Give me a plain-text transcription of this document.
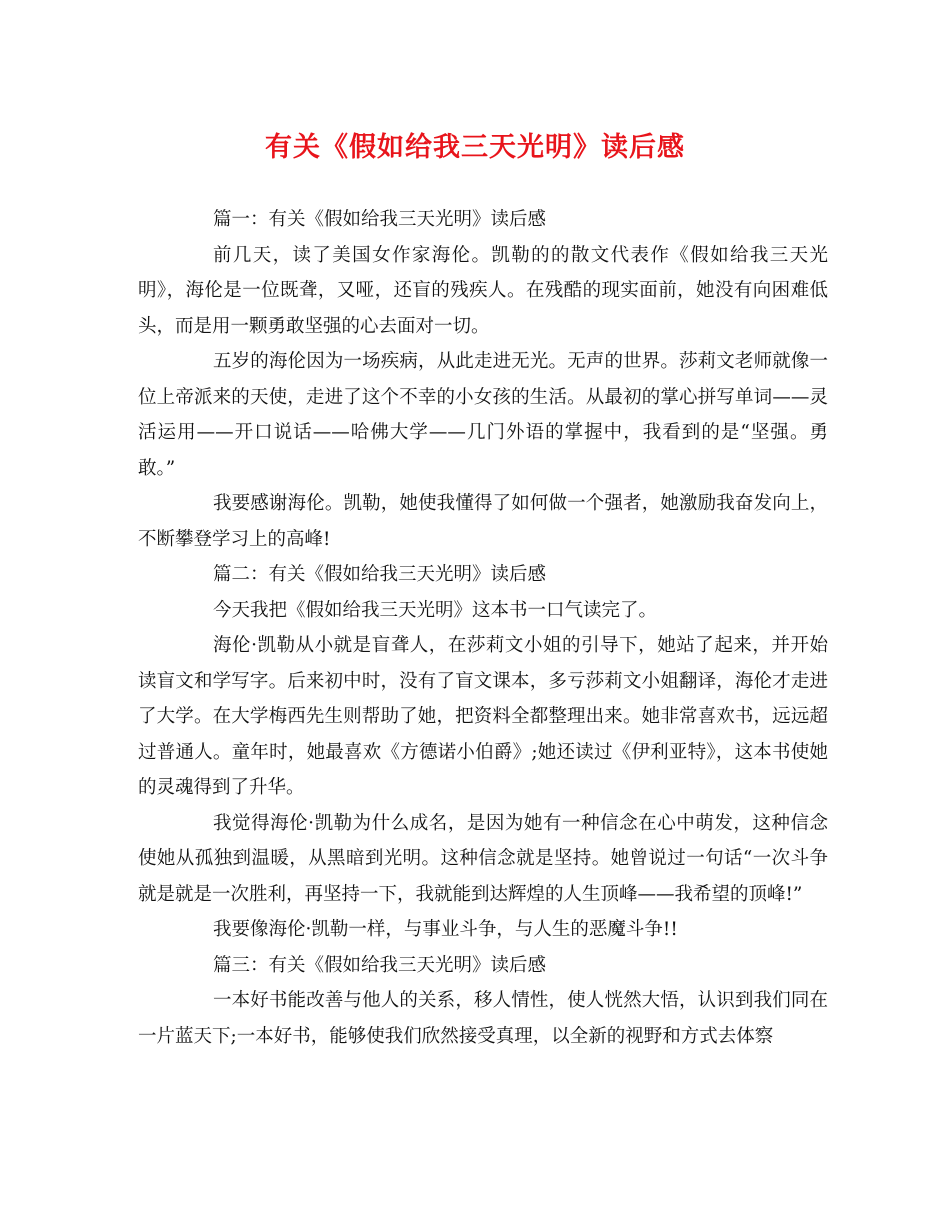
有关《假如给我三天光明》读后感

篇一：有关《假如给我三天光明》读后感

前几天，读了美国女作家海伦。凯勒的的散文代表作《假如给我三天光明》，海伦是一位既聋，又哑，还盲的残疾人。在残酷的现实面前，她没有向困难低头，而是用一颗勇敢坚强的心去面对一切。

五岁的海伦因为一场疾病，从此走进无光。无声的世界。莎莉文老师就像一位上帝派来的天使，走进了这个不幸的小女孩的生活。从最初的掌心拼写单词——灵活运用——开口说话——哈佛大学——几门外语的掌握中，我看到的是“坚强。勇敢。”

我要感谢海伦。凯勒，她使我懂得了如何做一个强者，她激励我奋发向上，不断攀登学习上的高峰!

篇二：有关《假如给我三天光明》读后感

今天我把《假如给我三天光明》这本书一口气读完了。

海伦·凯勒从小就是盲聋人，在莎莉文小姐的引导下，她站了起来，并开始读盲文和学写字。后来初中时，没有了盲文课本，多亏莎莉文小姐翻译，海伦才走进了大学。在大学梅西先生则帮助了她，把资料全都整理出来。她非常喜欢书，远远超过普通人。童年时，她最喜欢《方德诺小伯爵》;她还读过《伊利亚特》，这本书使她的灵魂得到了升华。

我觉得海伦·凯勒为什么成名，是因为她有一种信念在心中萌发，这种信念使她从孤独到温暖，从黑暗到光明。这种信念就是坚持。她曾说过一句话“一次斗争就是就是一次胜利，再坚持一下，我就能到达辉煌的人生顶峰——我希望的顶峰!”

我要像海伦·凯勒一样，与事业斗争，与人生的恶魔斗争!!

篇三：有关《假如给我三天光明》读后感

一本好书能改善与他人的关系，移人情性，使人恍然大悟，认识到我们同在一片蓝天下;一本好书，能够使我们欣然接受真理，以全新的视野和方式去体察
